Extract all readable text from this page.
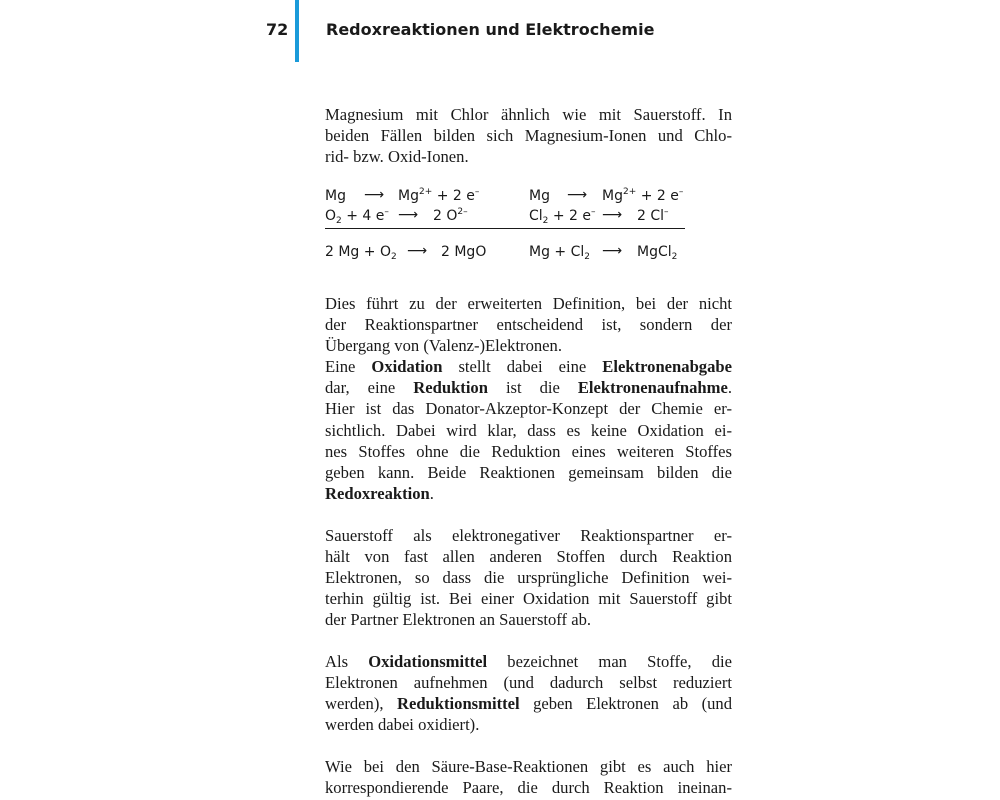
72 Redoxreaktionen und Elektrochemie

Magnesium mit Chlor ähnlich wie mit Sauerstoff. In
beiden Fällen bilden sich Magnesium-Ionen und Chlo-
rid- bzw. Oxid-Ionen.

Mg ⟶ $Mg^{2+} + 2$ e–
$O_2 + 4$ e– ⟶ 2 $O^{2-}$
Mg ⟶ $Mg^{2+} + 2$ e–
$Cl_2 + 2$ e– ⟶ 2 Cl–
2 $Mg + O_2$ ⟶ 2 MgO	$Mg + Cl_2$ ⟶ MgCl$_2$

Dies führt zu der erweiterten Definition, bei der nicht
der Reaktionspartner entscheidend ist, sondern der
Übergang von (Valenz-)Elektronen.
Eine Oxidation stellt dabei eine Elektronenabgabe
dar, eine Reduktion ist die Elektronenaufnahme.
Hier ist das Donator-Akzeptor-Konzept der Chemie er-
sichtlich. Dabei wird klar, dass es keine Oxidation ei-
nes Stoffes ohne die Reduktion eines weiteren Stoffes
geben kann. Beide Reaktionen gemeinsam bilden die
Redoxreaktion.

Sauerstoff als elektronegativer Reaktionspartner er-
hält von fast allen anderen Stoffen durch Reaktion
Elektronen, so dass die ursprüngliche Definition wei-
terhin gültig ist. Bei einer Oxidation mit Sauerstoff gibt
der Partner Elektronen an Sauerstoff ab.

Als Oxidationsmittel bezeichnet man Stoffe, die
Elektronen aufnehmen (und dadurch selbst reduziert
werden), Reduktionsmittel geben Elektronen ab (und
werden dabei oxidiert).

Wie bei den Säure-Base-Reaktionen gibt es auch hier
korrespondierende Paare, die durch Reaktion ineinan-
